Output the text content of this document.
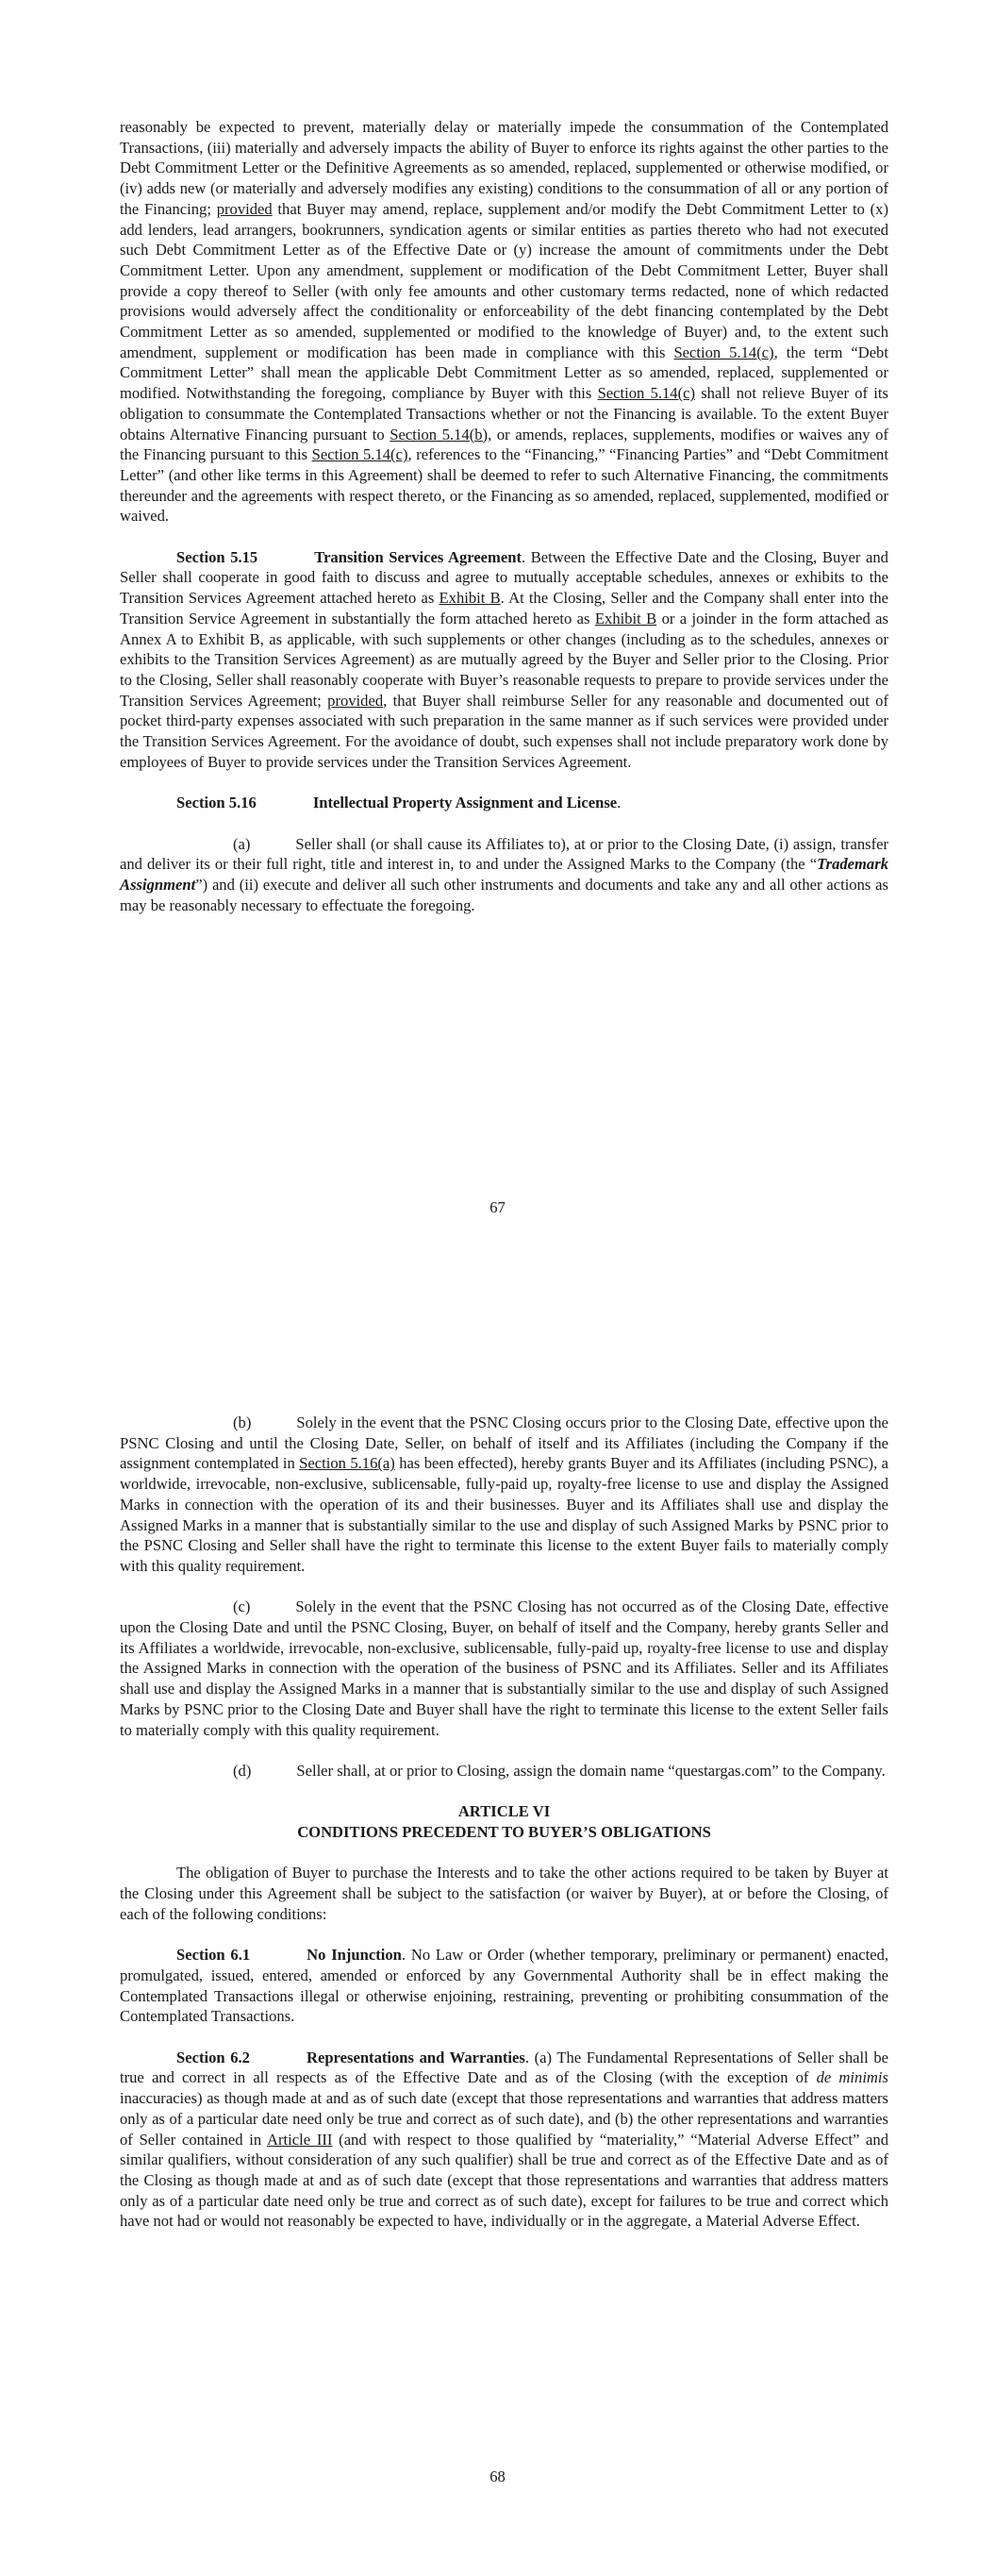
reasonably be expected to prevent, materially delay or materially impede the consummation of the Contemplated Transactions, (iii) materially and adversely impacts the ability of Buyer to enforce its rights against the other parties to the Debt Commitment Letter or the Definitive Agreements as so amended, replaced, supplemented or otherwise modified, or (iv) adds new (or materially and adversely modifies any existing) conditions to the consummation of all or any portion of the Financing; provided that Buyer may amend, replace, supplement and/or modify the Debt Commitment Letter to (x) add lenders, lead arrangers, bookrunners, syndication agents or similar entities as parties thereto who had not executed such Debt Commitment Letter as of the Effective Date or (y) increase the amount of commitments under the Debt Commitment Letter. Upon any amendment, supplement or modification of the Debt Commitment Letter, Buyer shall provide a copy thereof to Seller (with only fee amounts and other customary terms redacted, none of which redacted provisions would adversely affect the conditionality or enforceability of the debt financing contemplated by the Debt Commitment Letter as so amended, supplemented or modified to the knowledge of Buyer) and, to the extent such amendment, supplement or modification has been made in compliance with this Section 5.14(c), the term “Debt Commitment Letter” shall mean the applicable Debt Commitment Letter as so amended, replaced, supplemented or modified. Notwithstanding the foregoing, compliance by Buyer with this Section 5.14(c) shall not relieve Buyer of its obligation to consummate the Contemplated Transactions whether or not the Financing is available. To the extent Buyer obtains Alternative Financing pursuant to Section 5.14(b), or amends, replaces, supplements, modifies or waives any of the Financing pursuant to this Section 5.14(c), references to the “Financing,” “Financing Parties” and “Debt Commitment Letter” (and other like terms in this Agreement) shall be deemed to refer to such Alternative Financing, the commitments thereunder and the agreements with respect thereto, or the Financing as so amended, replaced, supplemented, modified or waived.

Section 5.15	Transition Services Agreement. Between the Effective Date and the Closing, Buyer and Seller shall cooperate in good faith to discuss and agree to mutually acceptable schedules, annexes or exhibits to the Transition Services Agreement attached hereto as Exhibit B. At the Closing, Seller and the Company shall enter into the Transition Service Agreement in substantially the form attached hereto as Exhibit B or a joinder in the form attached as Annex A to Exhibit B, as applicable, with such supplements or other changes (including as to the schedules, annexes or exhibits to the Transition Services Agreement) as are mutually agreed by the Buyer and Seller prior to the Closing. Prior to the Closing, Seller shall reasonably cooperate with Buyer’s reasonable requests to prepare to provide services under the Transition Services Agreement; provided, that Buyer shall reimburse Seller for any reasonable and documented out of pocket third-party expenses associated with such preparation in the same manner as if such services were provided under the Transition Services Agreement. For the avoidance of doubt, such expenses shall not include preparatory work done by employees of Buyer to provide services under the Transition Services Agreement.

Section 5.16	Intellectual Property Assignment and License.

(a)	Seller shall (or shall cause its Affiliates to), at or prior to the Closing Date, (i) assign, transfer and deliver its or their full right, title and interest in, to and under the Assigned Marks to the Company (the “Trademark Assignment”) and (ii) execute and deliver all such other instruments and documents and take any and all other actions as may be reasonably necessary to effectuate the foregoing.

67

(b)	Solely in the event that the PSNC Closing occurs prior to the Closing Date, effective upon the PSNC Closing and until the Closing Date, Seller, on behalf of itself and its Affiliates (including the Company if the assignment contemplated in Section 5.16(a) has been effected), hereby grants Buyer and its Affiliates (including PSNC), a worldwide, irrevocable, non-exclusive, sublicensable, fully-paid up, royalty-free license to use and display the Assigned Marks in connection with the operation of its and their businesses. Buyer and its Affiliates shall use and display the Assigned Marks in a manner that is substantially similar to the use and display of such Assigned Marks by PSNC prior to the PSNC Closing and Seller shall have the right to terminate this license to the extent Buyer fails to materially comply with this quality requirement.

(c)	Solely in the event that the PSNC Closing has not occurred as of the Closing Date, effective upon the Closing Date and until the PSNC Closing, Buyer, on behalf of itself and the Company, hereby grants Seller and its Affiliates a worldwide, irrevocable, non-exclusive, sublicensable, fully-paid up, royalty-free license to use and display the Assigned Marks in connection with the operation of the business of PSNC and its Affiliates. Seller and its Affiliates shall use and display the Assigned Marks in a manner that is substantially similar to the use and display of such Assigned Marks by PSNC prior to the Closing Date and Buyer shall have the right to terminate this license to the extent Seller fails to materially comply with this quality requirement.

(d)	Seller shall, at or prior to Closing, assign the domain name “questargas.com” to the Company.

ARTICLE VI

CONDITIONS PRECEDENT TO BUYER’S OBLIGATIONS

The obligation of Buyer to purchase the Interests and to take the other actions required to be taken by Buyer at the Closing under this Agreement shall be subject to the satisfaction (or waiver by Buyer), at or before the Closing, of each of the following conditions:

Section 6.1	No Injunction. No Law or Order (whether temporary, preliminary or permanent) enacted, promulgated, issued, entered, amended or enforced by any Governmental Authority shall be in effect making the Contemplated Transactions illegal or otherwise enjoining, restraining, preventing or prohibiting consummation of the Contemplated Transactions.

Section 6.2	Representations and Warranties. (a) The Fundamental Representations of Seller shall be true and correct in all respects as of the Effective Date and as of the Closing (with the exception of de minimis inaccuracies) as though made at and as of such date (except that those representations and warranties that address matters only as of a particular date need only be true and correct as of such date), and (b) the other representations and warranties of Seller contained in Article III (and with respect to those qualified by “materiality,” “Material Adverse Effect” and similar qualifiers, without consideration of any such qualifier) shall be true and correct as of the Effective Date and as of the Closing as though made at and as of such date (except that those representations and warranties that address matters only as of a particular date need only be true and correct as of such date), except for failures to be true and correct which have not had or would not reasonably be expected to have, individually or in the aggregate, a Material Adverse Effect.

68
